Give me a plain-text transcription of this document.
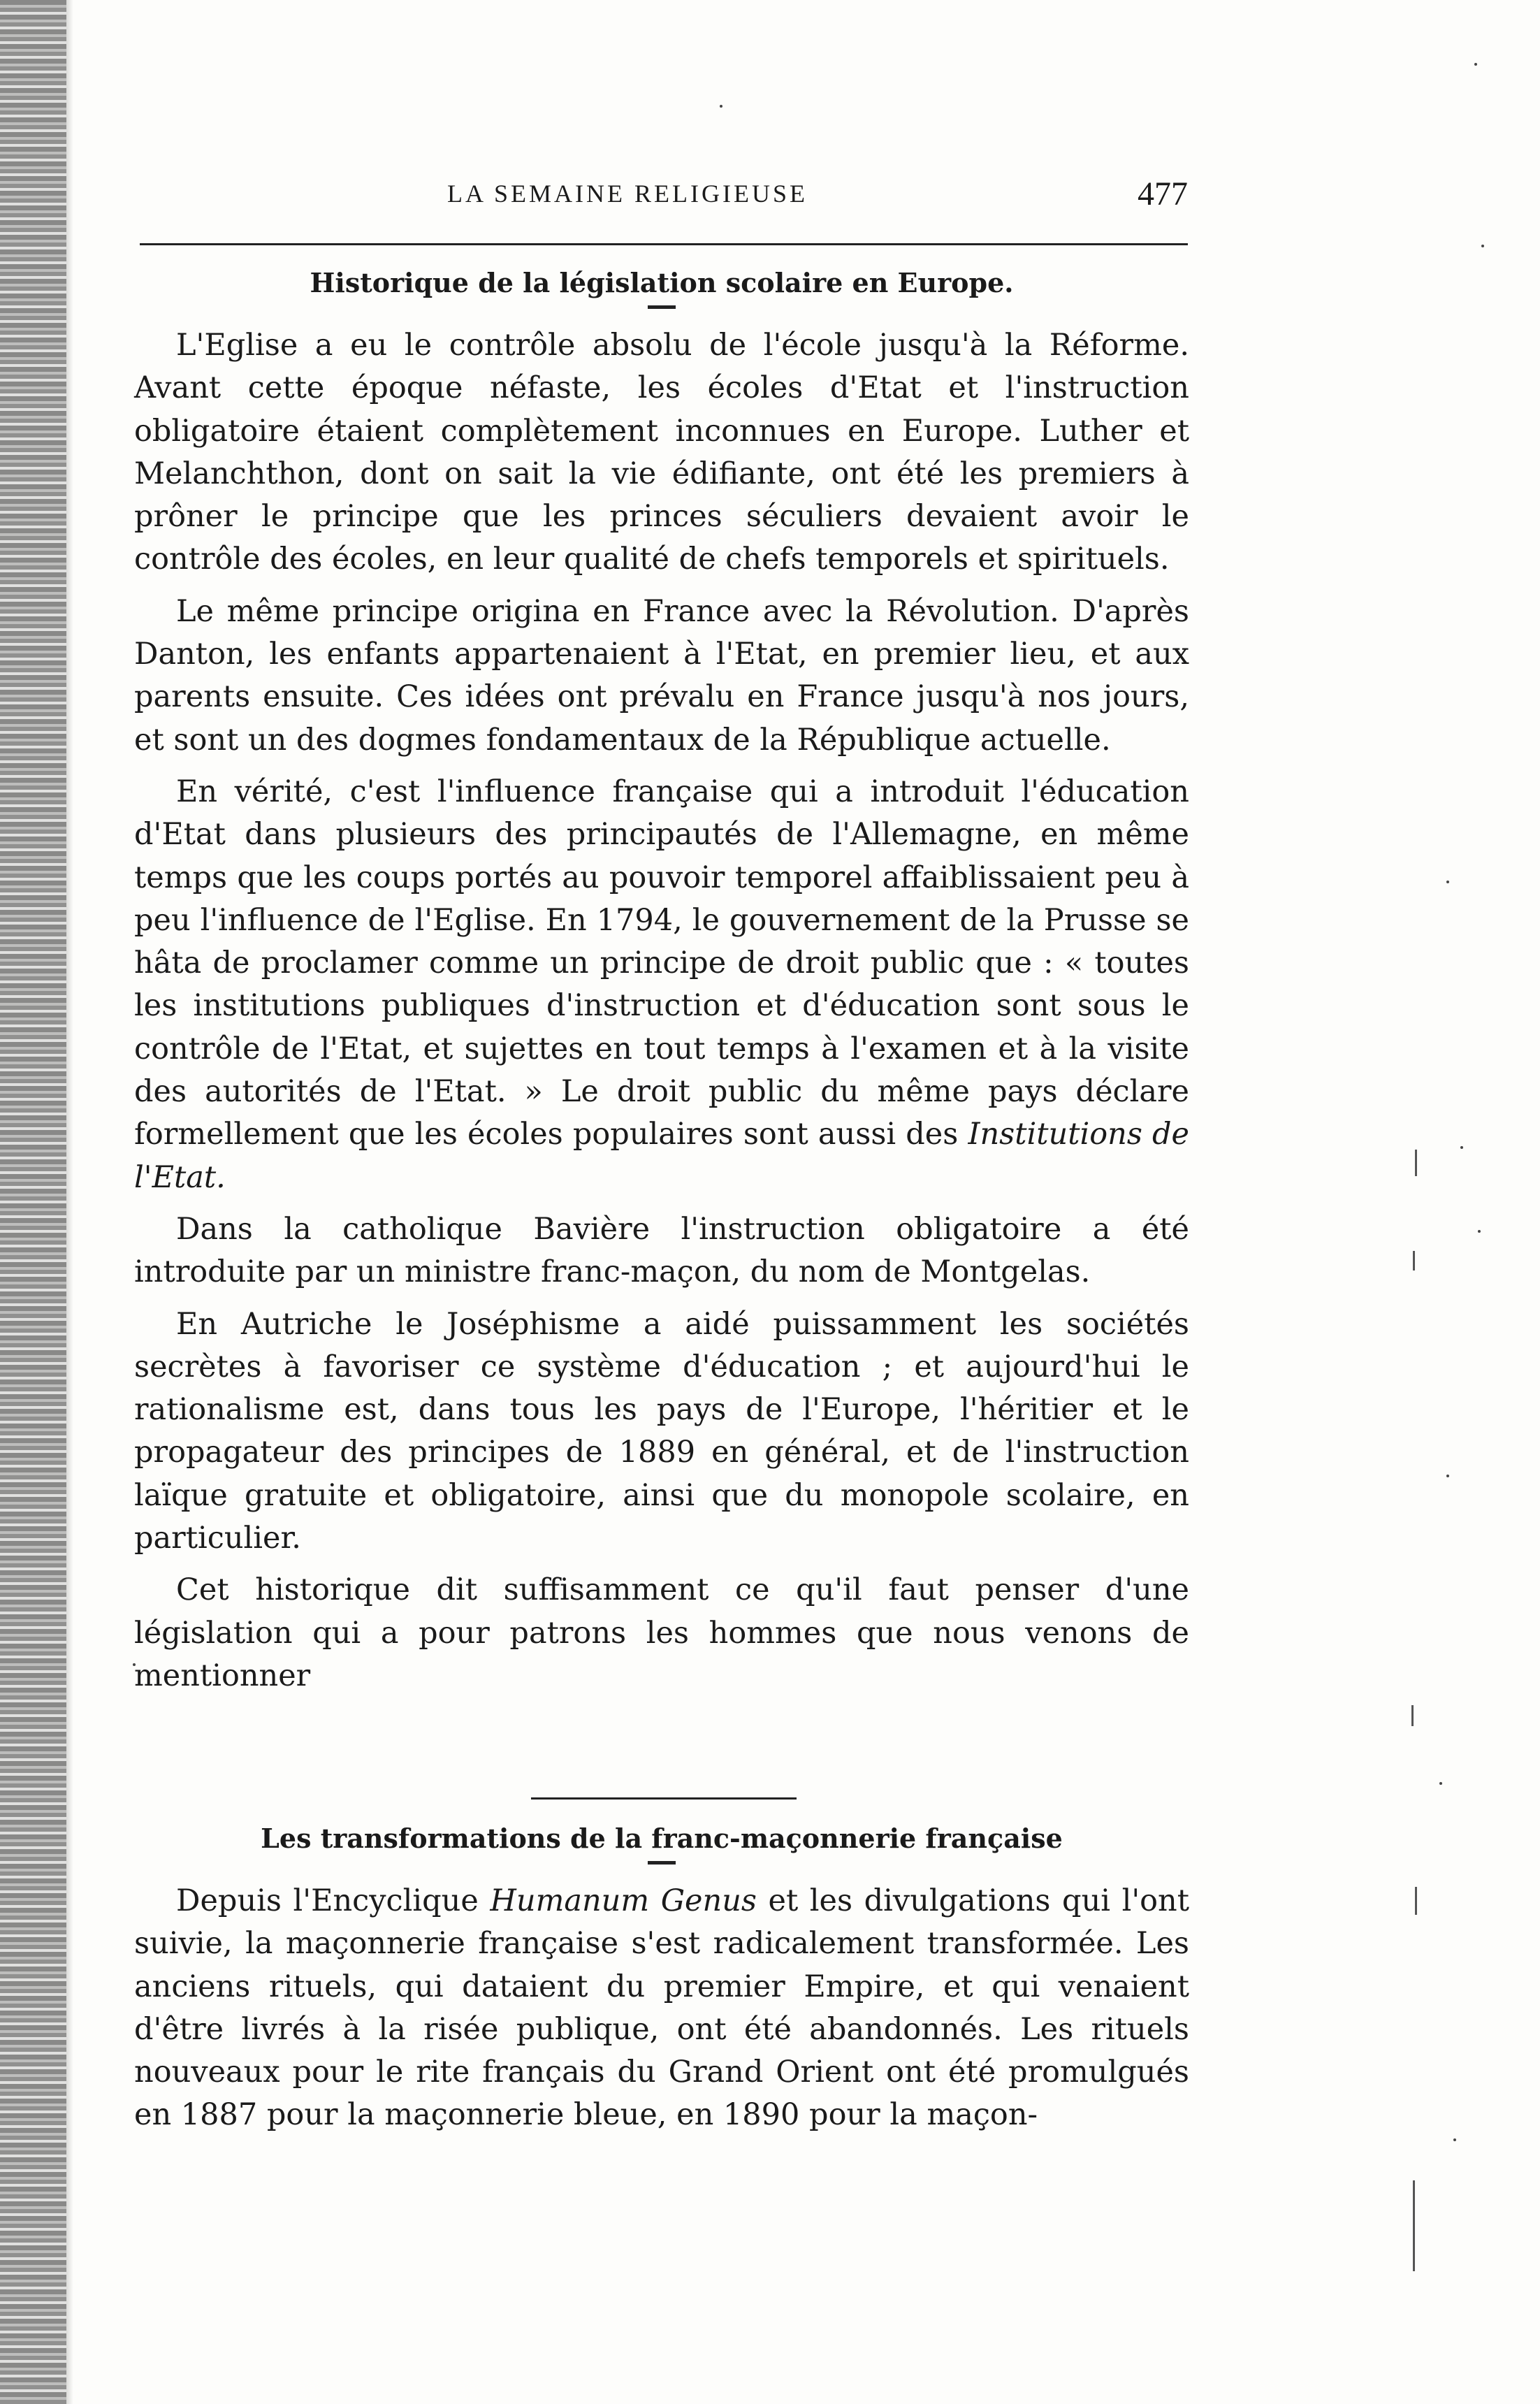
LA SEMAINE RELIGIEUSE	477
Historique de la législation scolaire en Europe.

L'Eglise a eu le contrôle absolu de l'école jusqu'à la Réforme. Avant cette époque néfaste, les écoles d'Etat et l'instruction obligatoire étaient complètement inconnues en Europe. Luther et Melanchthon, dont on sait la vie édifiante, ont été les premiers à prôner le principe que les princes séculiers devaient avoir le contrôle des écoles, en leur qualité de chefs temporels et spirituels.

Le même principe origina en France avec la Révolution. D'après Danton, les enfants appartenaient à l'Etat, en premier lieu, et aux parents ensuite. Ces idées ont prévalu en France jusqu'à nos jours, et sont un des dogmes fondamentaux de la République actuelle.

En vérité, c'est l'influence française qui a introduit l'éducation d'Etat dans plusieurs des principautés de l'Allemagne, en même temps que les coups portés au pouvoir temporel affaiblissaient peu à peu l'influence de l'Eglise. En 1794, le gouvernement de la Prusse se hâta de proclamer comme un principe de droit public que : « toutes les institutions publiques d'instruction et d'éducation sont sous le contrôle de l'Etat, et sujettes en tout temps à l'examen et à la visite des autorités de l'Etat. » Le droit public du même pays déclare formellement que les écoles populaires sont aussi des Institutions de l'Etat.

Dans la catholique Bavière l'instruction obligatoire a été introduite par un ministre franc-maçon, du nom de Montgelas.

En Autriche le Joséphisme a aidé puissamment les sociétés secrètes à favoriser ce système d'éducation ; et aujourd'hui le rationalisme est, dans tous les pays de l'Europe, l'héritier et le propagateur des principes de 1889 en général, et de l'instruction laïque gratuite et obligatoire, ainsi que du monopole scolaire, en particulier.

Cet historique dit suffisamment ce qu'il faut penser d'une législation qui a pour patrons les hommes que nous venons de mentionner

Les transformations de la franc-maçonnerie française

Depuis l'Encyclique Humanum Genus et les divulgations qui l'ont suivie, la maçonnerie française s'est radicalement transformée. Les anciens rituels, qui dataient du premier Empire, et qui venaient d'être livrés à la risée publique, ont été abandonnés. Les rituels nouveaux pour le rite français du Grand Orient ont été promulgués en 1887 pour la maçonnerie bleue, en 1890 pour la maçon-
